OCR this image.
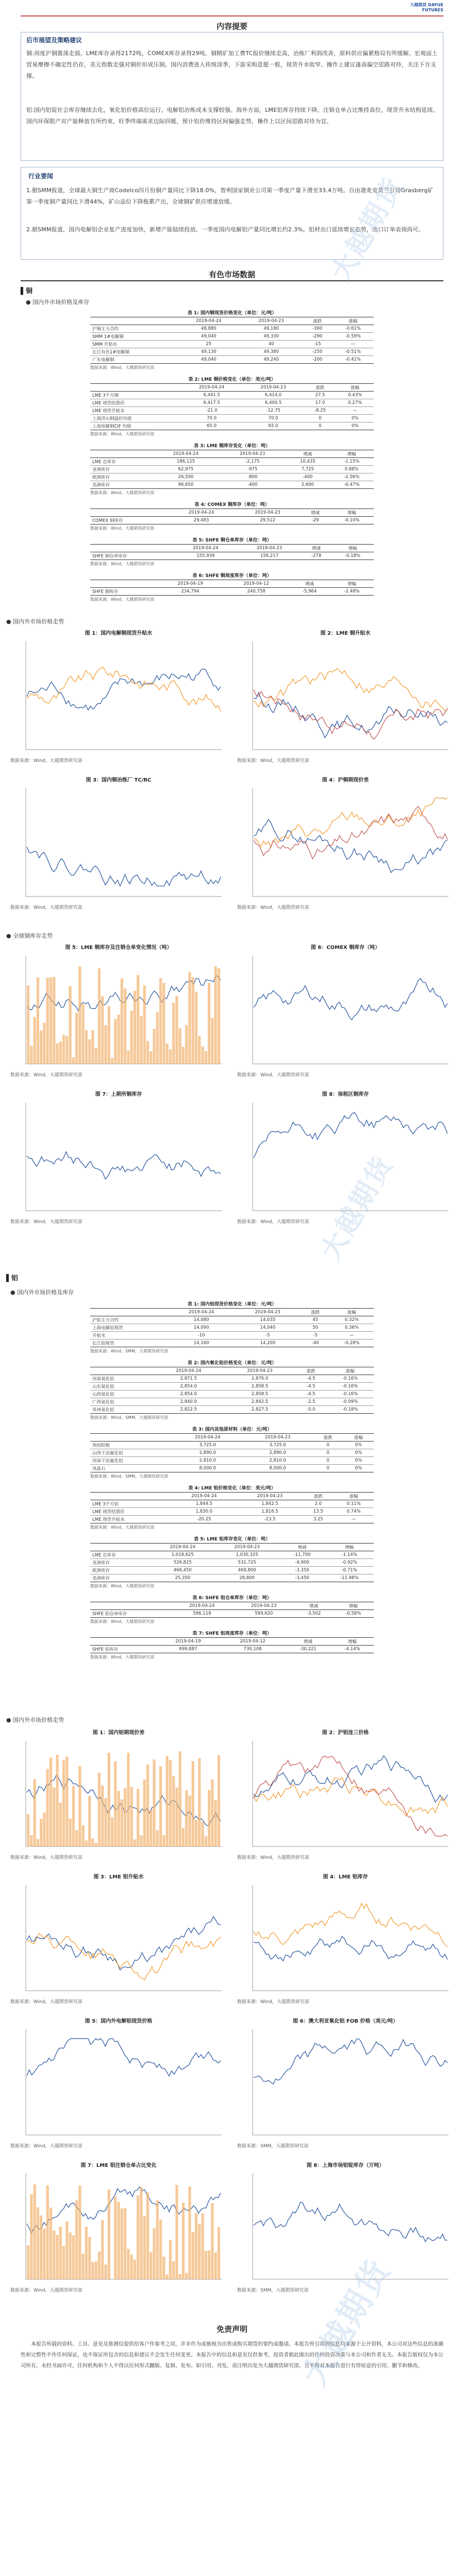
大越期货 DAYUE FUTURES
内容提要
后市展望及策略建议
铜:周度沪铜震荡走弱。LME库存录得2172吨，COMEX库存录得29吨。铜精矿加工费TC报价继续走高，冶炼厂利润改善，原料供应偏紧格局有所缓解。宏观面上贸易摩擦不确定性仍存，美元指数走强对铜价形成压制。国内消费进入传统淡季，下游采购意愿一般，现货升水收窄。操作上建议逢高偏空思路对待，关注下方支撑。
铝:国内铝锭社会库存继续去化，氧化铝价格高位运行，电解铝冶炼成本支撑较强。海外方面，LME铝库存持续下降，注销仓单占比维持高位，现货升水结构延续。国内环保限产对产能释放有所约束，旺季终端需求边际回暖，预计铝价维持区间偏强走势，操作上以区间思路对待为宜。
行业要闻
1.据SMM报道，全球最大铜生产商Codelco四月份铜产量同比下降18.0%，智利国家铜业公司第一季度产量下滑至33.4万吨。自由港麦克莫兰公司Grasberg矿第一季度铜产量同比下滑44%，矿山品位下降拖累产出，全球铜矿供应增速放缓。
2.据SMM报道，国内电解铝企业复产进度加快，新增产能陆续投放。一季度国内电解铝产量同比增长约2.3%，铝材出口延续增长态势，出口订单表现尚可。
有色市场数据
▌铜
● 国内外市场价格及库存
大越期货
表 1: 国内铜现货价格变化（单位：元/吨）
	2019-04-24	2019-04-23	涨跌	涨幅
沪铜主力合约	48,880	49,180	-300	-0.61%
SMM 1#电解铜	49,040	49,330	-290	-0.59%
SMM 升贴水	25	40	-15	—
长江有色1#电解铜	49,130	49,380	-250	-0.51%
广东电解铜	49,040	49,240	-200	-0.41%
数据来源：Wind，大越期货研究部
表 2: LME 铜价格变化（单位：美元/吨）
	2019-04-24	2019-04-23	涨跌	涨幅
LME 3个月铜	6,441.5	6,414.0	27.5	0.43%
LME 现货结算价	6,417.5	6,400.5	17.0	0.27%
LME 现货升贴水	-21.0	-12.75	-8.25	—
上海洋山铜溢价均值	70.0	70.0	0	0%
上海电解铜CIF 均值	65.0	65.0	0	0%
数据来源：Wind，大越期货研究部
表 3: LME 铜库存变化（单位：吨）
	2019-04-24	2019-04-23	增减	增幅
LME 总库存	186,125	-2,175	10,435	-1.15%
亚洲库存	62,975	-975	7,725	0.88%
欧洲库存	26,500	-800	-400	-2.56%
美洲库存	96,650	-400	2,600	-0.47%
数据来源：Wind，大越期货研究部
表 4: COMEX 铜库存（单位：吨）
	2019-04-24	2019-04-23	增减	增幅
COMEX 铜库存	29,483	29,512	-29	-0.10%
数据来源：Wind，大越期货研究部
表 5: SHFE 铜仓单库存（单位：吨）
	2019-04-24	2019-04-23	增减	增幅
SHFE 铜仓单库存	155,939	156,217	-278	-0.18%
数据来源：Wind，大越期货研究部
表 6: SHFE 铜周度库存（单位：吨）
	2019-04-19	2019-04-12	增减	增幅
SHFE 铜库存	234,794	240,758	-5,964	-2.48%
数据来源：Wind，大越期货研究部
● 国内外市场价格走势
图 1：国内电解铜现货升贴水
数据来源：Wind，大越期货研究部
图 2：LME 铜升贴水
数据来源：Wind，大越期货研究部
图 3：国内铜冶炼厂 TC/RC
数据来源：Wind，大越期货研究部
图 4：沪铜期现价差
数据来源：Wind，大越期货研究部
● 全球铜库存走势
图 5：LME 铜库存及注销仓单变化情况（吨）
数据来源：Wind，大越期货研究部
图 6：COMEX 铜库存（吨）
数据来源：Wind，大越期货研究部
图 7：上期所铜库存
数据来源：Wind，大越期货研究部
图 8：保税区铜库存
数据来源：Wind，大越期货研究部 大越期货
▌铝
● 国内外市场价格及库存
表 1: 国内铝现货价格变化（单位：元/吨）
	2019-04-24	2019-04-23	涨跌	涨幅
沪铝主力合约	14,080	14,035	45	0.32%
上海电解铝现货	14,090	14,040	50	0.36%
升贴水	-10	-5	-5	—
长江铝现货	14,160	14,200	-40	-0.28%
数据来源：Wind，SMM，大越期货研究部
表 2: 国内氧化铝价格变化（单位：元/吨）
	2019-04-24	2019-04-23	涨跌	涨幅
河南氧化铝	2,871.5	2,876.0	-4.5	-0.16%
山东氧化铝	2,854.0	2,858.5	-4.5	-0.16%
山西氧化铝	2,854.0	2,858.5	-4.5	-0.16%
广西氧化铝	2,840.0	2,842.5	-2.5	-0.09%
贵州氧化铝	2,822.5	2,827.5	-5.0	-0.18%
数据来源：Wind，SMM，大越期货研究部
表 3: 国内其他原材料（单位：元/吨）
	2019-04-24	2019-04-23	涨跌	涨幅
预焙阳极	3,725.0	3,725.0	0	0%
山西干法氟化铝	2,890.0	2,890.0	0	0%
河南干法氟化铝	2,810.0	2,810.0	0	0%
冰晶石	8,000.0	8,000.0	0	0%
数据来源：Wind，SMM，大越期货研究部
表 4: LME 铝价格变化（单位：美元/吨）
	2019-04-24	2019-04-23	涨跌	涨幅
LME 3个月铝	1,844.5	1,842.5	2.0	0.11%
LME 现货结算价	1,830.0	1,816.5	13.5	0.74%
LME 现货升贴水	-20.25	-23.5	3.25	—
数据来源：Wind，大越期货研究部
表 5: LME 铝库存变化（单位：吨）
	2019-04-24	2019-04-23	增减	增幅
LME 总库存	1,018,625	1,030,325	-11,700	-1.14%
亚洲库存	526,825	531,725	-4,900	-0.92%
欧洲库存	466,450	469,800	-3,350	-0.71%
美洲库存	25,350	28,800	-3,450	-11.98%
数据来源：Wind，大越期货研究部
表 6: SHFE 铝仓单库存（单位：吨）
	2019-04-24	2019-04-23	增减	增幅
SHFE 铝仓单库存	596,118	599,620	-3,502	-0.58%
数据来源：Wind，大越期货研究部
表 7: SHFE 铝周度库存（单位：吨）
	2019-04-19	2019-04-12	增减	增幅
SHFE 铝库存	699,887	730,108	-30,221	-4.14%
数据来源：Wind，大越期货研究部
● 国内外市场价格走势
图 1：国内铝期现价差
数据来源：Wind，大越期货研究部
图 2：沪铝连三价格
数据来源：Wind，大越期货研究部
图 3：LME 铝升贴水
数据来源：Wind，大越期货研究部
图 4：LME 铝库存
数据来源：Wind，大越期货研究部
图 5：国内外电解铝现货价格
数据来源：Wind，大越期货研究部
图 6：澳大利亚氧化铝 FOB 价格（美元/吨）
数据来源：SMM，大越期货研究部
图 7：LME 铝注销仓单占比变化
数据来源：Wind，大越期货研究部
图 8：上海市场铝锭库存（万吨）
数据来源：SMM，大越期货研究部
免责声明
本报告所载的资料、工具、意见及推测仅提供给客户作参考之用，并非作为或被视为出售或购买期货的要约或邀请。本报告所引用的信息均来源于公开资料，本公司对这些信息的准确性和完整性不作任何保证，也不保证所包含的信息和建议不会发生任何变更。本报告中的信息和意见仅供参考，投资者据此做出的任何投资决策与本公司和作者无关。本报告版权仅为本公司所有，未经书面许可，任何机构和个人不得以任何形式翻版、复制、发布。如引用、刊发，需注明出处为大越期货研究部，且不得对本报告进行有悖原意的引用、删节和修改。
大越期货
